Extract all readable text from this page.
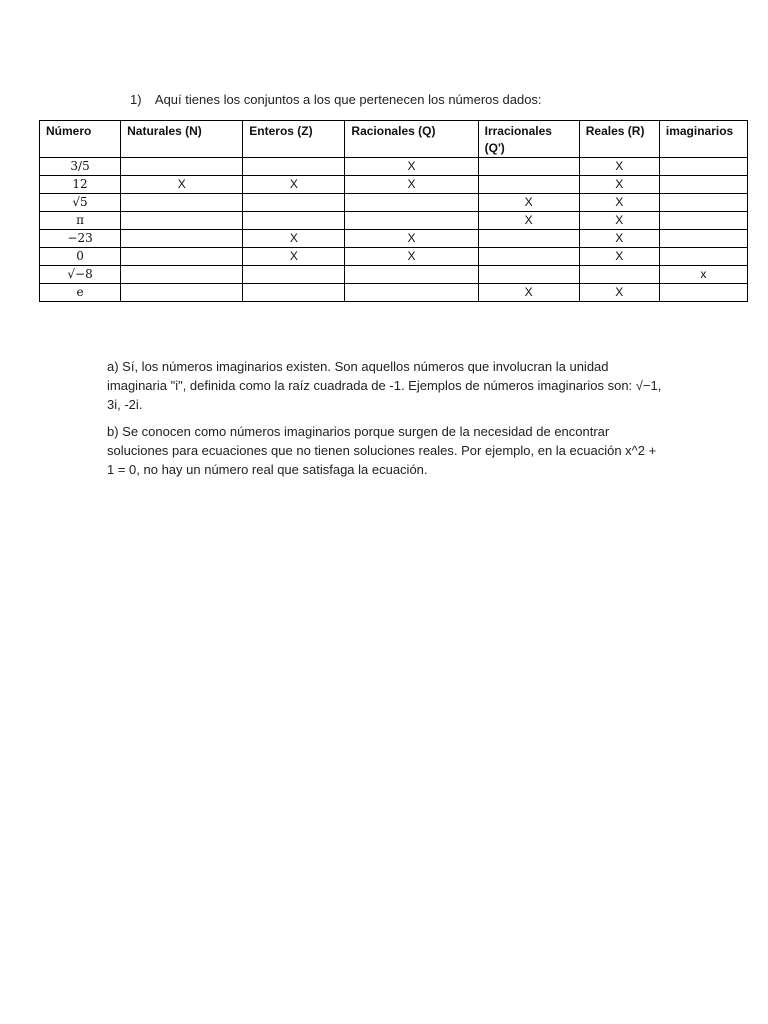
1) Aquí tienes los conjuntos a los que pertenecen los números dados:
Número	Naturales (N)	Enteros (Z)	Racionales (Q)	Irracionales (Q')	Reales (R)	imaginarios
3/5			X		X	
12	X	X	X		X	
√5				X	X	
π				X	X	
−23		X	X		X	
0		X	X		X	
√−8						x
e				X	X	

a) Sí, los números imaginarios existen. Son aquellos números que involucran la unidad imaginaria "i", definida como la raíz cuadrada de -1. Ejemplos de números imaginarios son: √−1, 3i, -2i.

b) Se conocen como números imaginarios porque surgen de la necesidad de encontrar soluciones para ecuaciones que no tienen soluciones reales. Por ejemplo, en la ecuación x^2 + 1 = 0, no hay un número real que satisfaga la ecuación.
